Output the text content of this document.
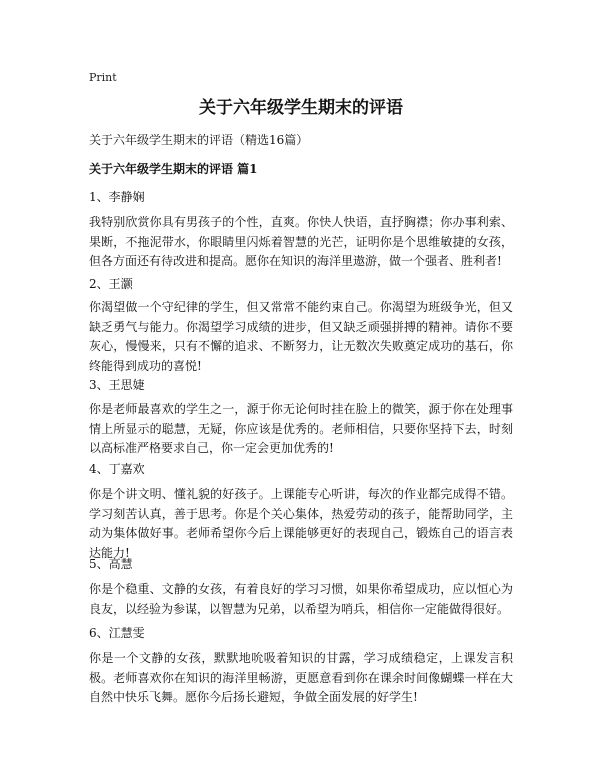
Print
关于六年级学生期末的评语
关于六年级学生期末的评语（精选16篇）
关于六年级学生期末的评语 篇1
1、李静娴

我特别欣赏你具有男孩子的个性，直爽。你快人快语，直抒胸襟；你办事利索、果断，不拖泥带水，你眼睛里闪烁着智慧的光芒，证明你是个思维敏捷的女孩，但各方面还有待改进和提高。愿你在知识的海洋里遨游，做一个强者、胜利者!

2、王灏

你渴望做一个守纪律的学生，但又常常不能约束自己。你渴望为班级争光，但又缺乏勇气与能力。你渴望学习成绩的进步，但又缺乏顽强拼搏的精神。请你不要灰心，慢慢来，只有不懈的追求、不断努力，让无数次失败奠定成功的基石，你终能得到成功的喜悦!

3、王思婕

你是老师最喜欢的学生之一，源于你无论何时挂在脸上的微笑，源于你在处理事情上所显示的聪慧，无疑，你应该是优秀的。老师相信，只要你坚持下去，时刻以高标准严格要求自己，你一定会更加优秀的!

4、丁嘉欢

你是个讲文明、懂礼貌的好孩子。上课能专心听讲，每次的作业都完成得不错。学习刻苦认真，善于思考。你是个关心集体，热爱劳动的孩子，能帮助同学，主动为集体做好事。老师希望你今后上课能够更好的表现自己，锻炼自己的语言表达能力!

5、高慧

你是个稳重、文静的女孩，有着良好的学习习惯，如果你希望成功，应以恒心为良友，以经验为参谋，以智慧为兄弟，以希望为哨兵，相信你一定能做得很好。

6、江慧雯

你是一个文静的女孩，默默地吮吸着知识的甘露，学习成绩稳定，上课发言积极。老师喜欢你在知识的海洋里畅游，更愿意看到你在课余时间像蝴蝶一样在大自然中快乐飞舞。愿你今后扬长避短，争做全面发展的好学生!
